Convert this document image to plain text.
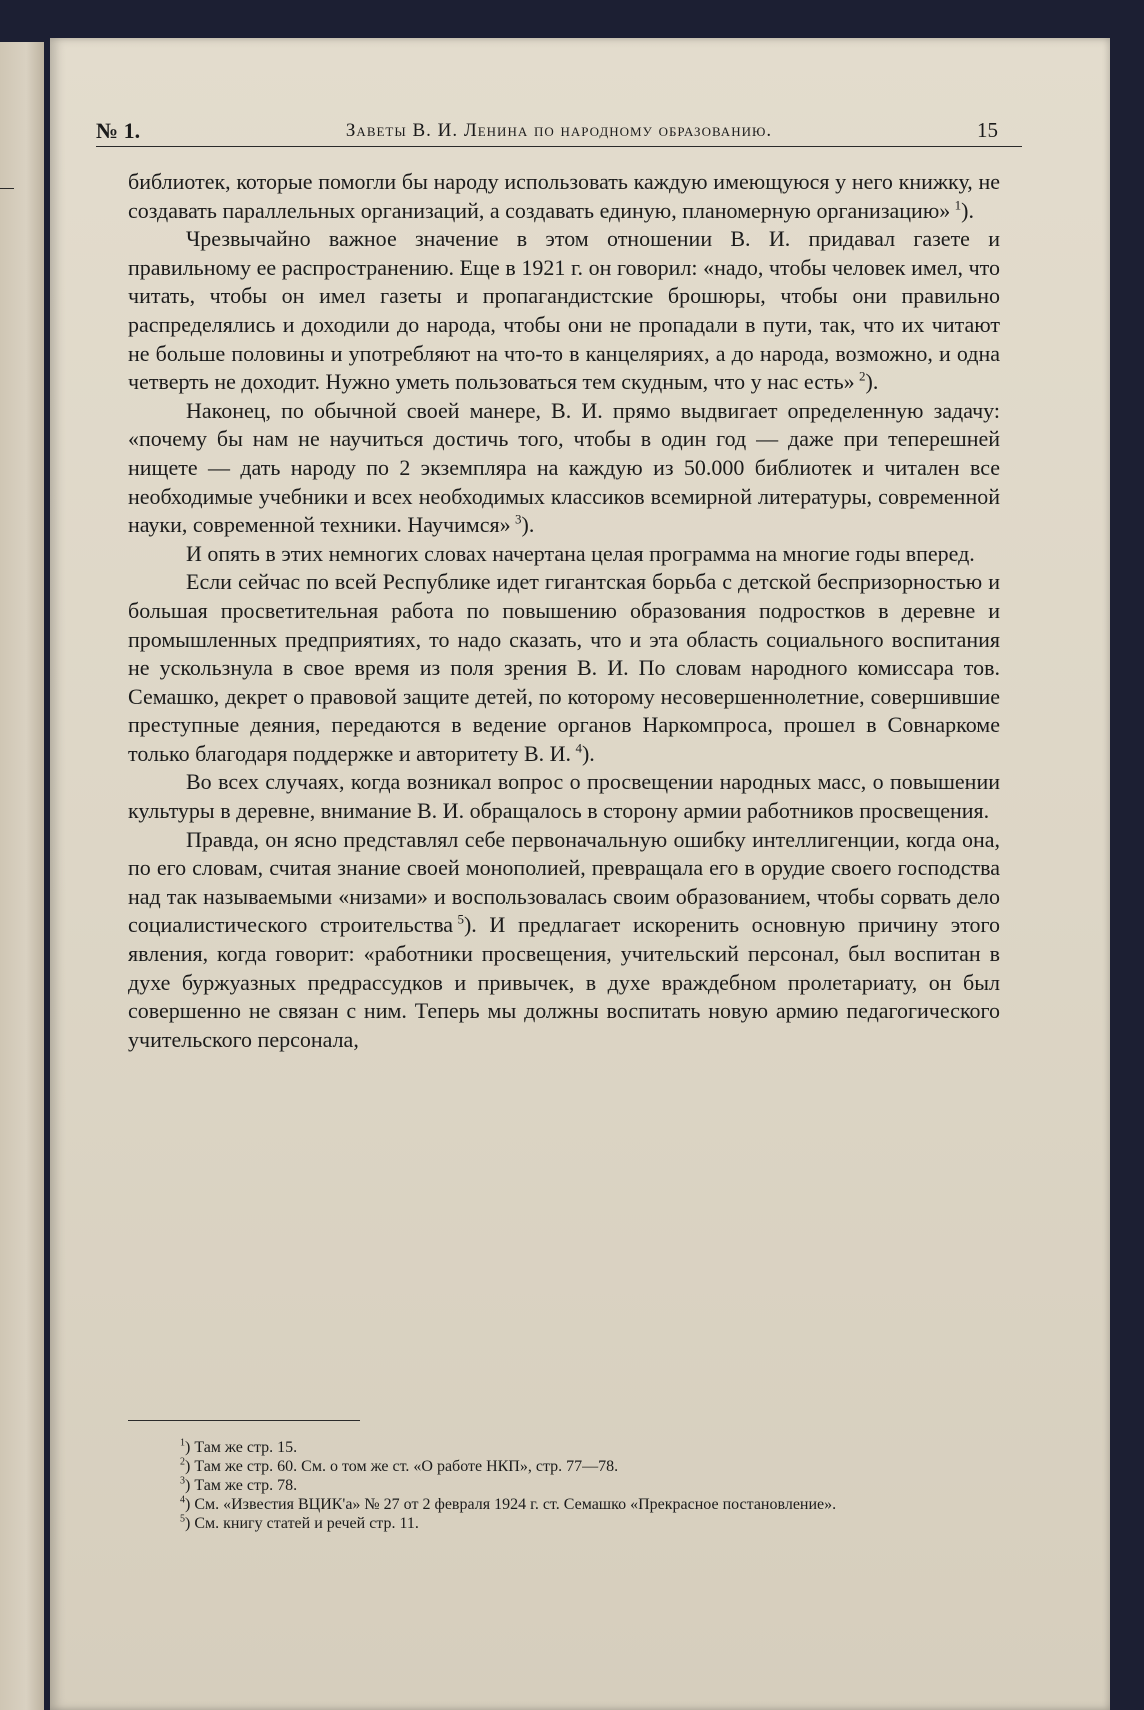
№ 1.	Заветы В. И. Ленина по народному образованию.	15

библиотек, которые помогли бы народу использовать каждую имеющуюся у него книжку, не создавать параллельных организаций, а создавать единую, планомерную организацию»  $^1$).

Чрезвычайно важное значение в этом отношении В. И. придавал газете и правильному ее распространению. Еще в 1921 г. он говорил: «надо, чтобы человек имел, что читать, чтобы он имел газеты и пропагандистские брошюры, чтобы они правильно распределялись и доходили до народа, чтобы они не пропадали в пути, так, что их читают не больше половины и употребляют на что-то в канцеляриях, а до народа, возможно, и одна четверть не доходит. Нужно уметь пользоваться тем скудным, что у нас есть»  $^2$).

Наконец, по обычной своей манере, В. И. прямо выдвигает определенную задачу: «почему бы нам не научиться достичь того, чтобы в один год — даже при теперешней нищете — дать народу по 2 экземпляра на каждую из 50.000 библиотек и читален все необходимые учебники и всех необходимых классиков всемирной литературы, современной науки, современной техники. Научимся»  $^3$).

И опять в этих немногих словах начертана целая программа на многие годы вперед.

Если сейчас по всей Республике идет гигантская борьба с детской беспризорностью и большая просветительная работа по повышению образования подростков в деревне и промышленных предприятиях, то надо сказать, что и эта область социального воспитания не ускользнула в свое время из поля зрения В. И. По словам народного комиссара тов. Семашко, декрет о правовой защите детей, по которому несовершеннолетние, совершившие преступные деяния, передаются в ведение органов Наркомпроса, прошел в Совнаркоме только благодаря поддержке и авторитету В. И.  $^4$).

Во всех случаях, когда возникал вопрос о просвещении народных масс, о повышении культуры в деревне, внимание В. И. обращалось в сторону армии работников просвещения.

Правда, он ясно представлял себе первоначальную ошибку интеллигенции, когда она, по его словам, считая знание своей монополией, превращала его в орудие своего господства над так называемыми «низами» и воспользовалась своим образованием, чтобы сорвать дело социалистического строительства  $^5$). И предлагает искоренить основную причину этого явления, когда говорит: «работники просвещения, учительский персонал, был воспитан в духе буржуазных предрассудков и привычек, в духе враждебном пролетариату, он был совершенно не связан с ним. Теперь мы должны воспитать новую армию педагогического учительского персонала,

$^1$) Там же стр. 15.

$^2$) Там же стр. 60. См. о том же ст. «О работе НКП», стр. 77—78.

$^3$) Там же стр. 78.

$^4$) См. «Известия ВЦИК'а» № 27 от 2 февраля 1924 г. ст. Семашко «Прекрасное постановление».

$^5$) См. книгу статей и речей стр. 11.
